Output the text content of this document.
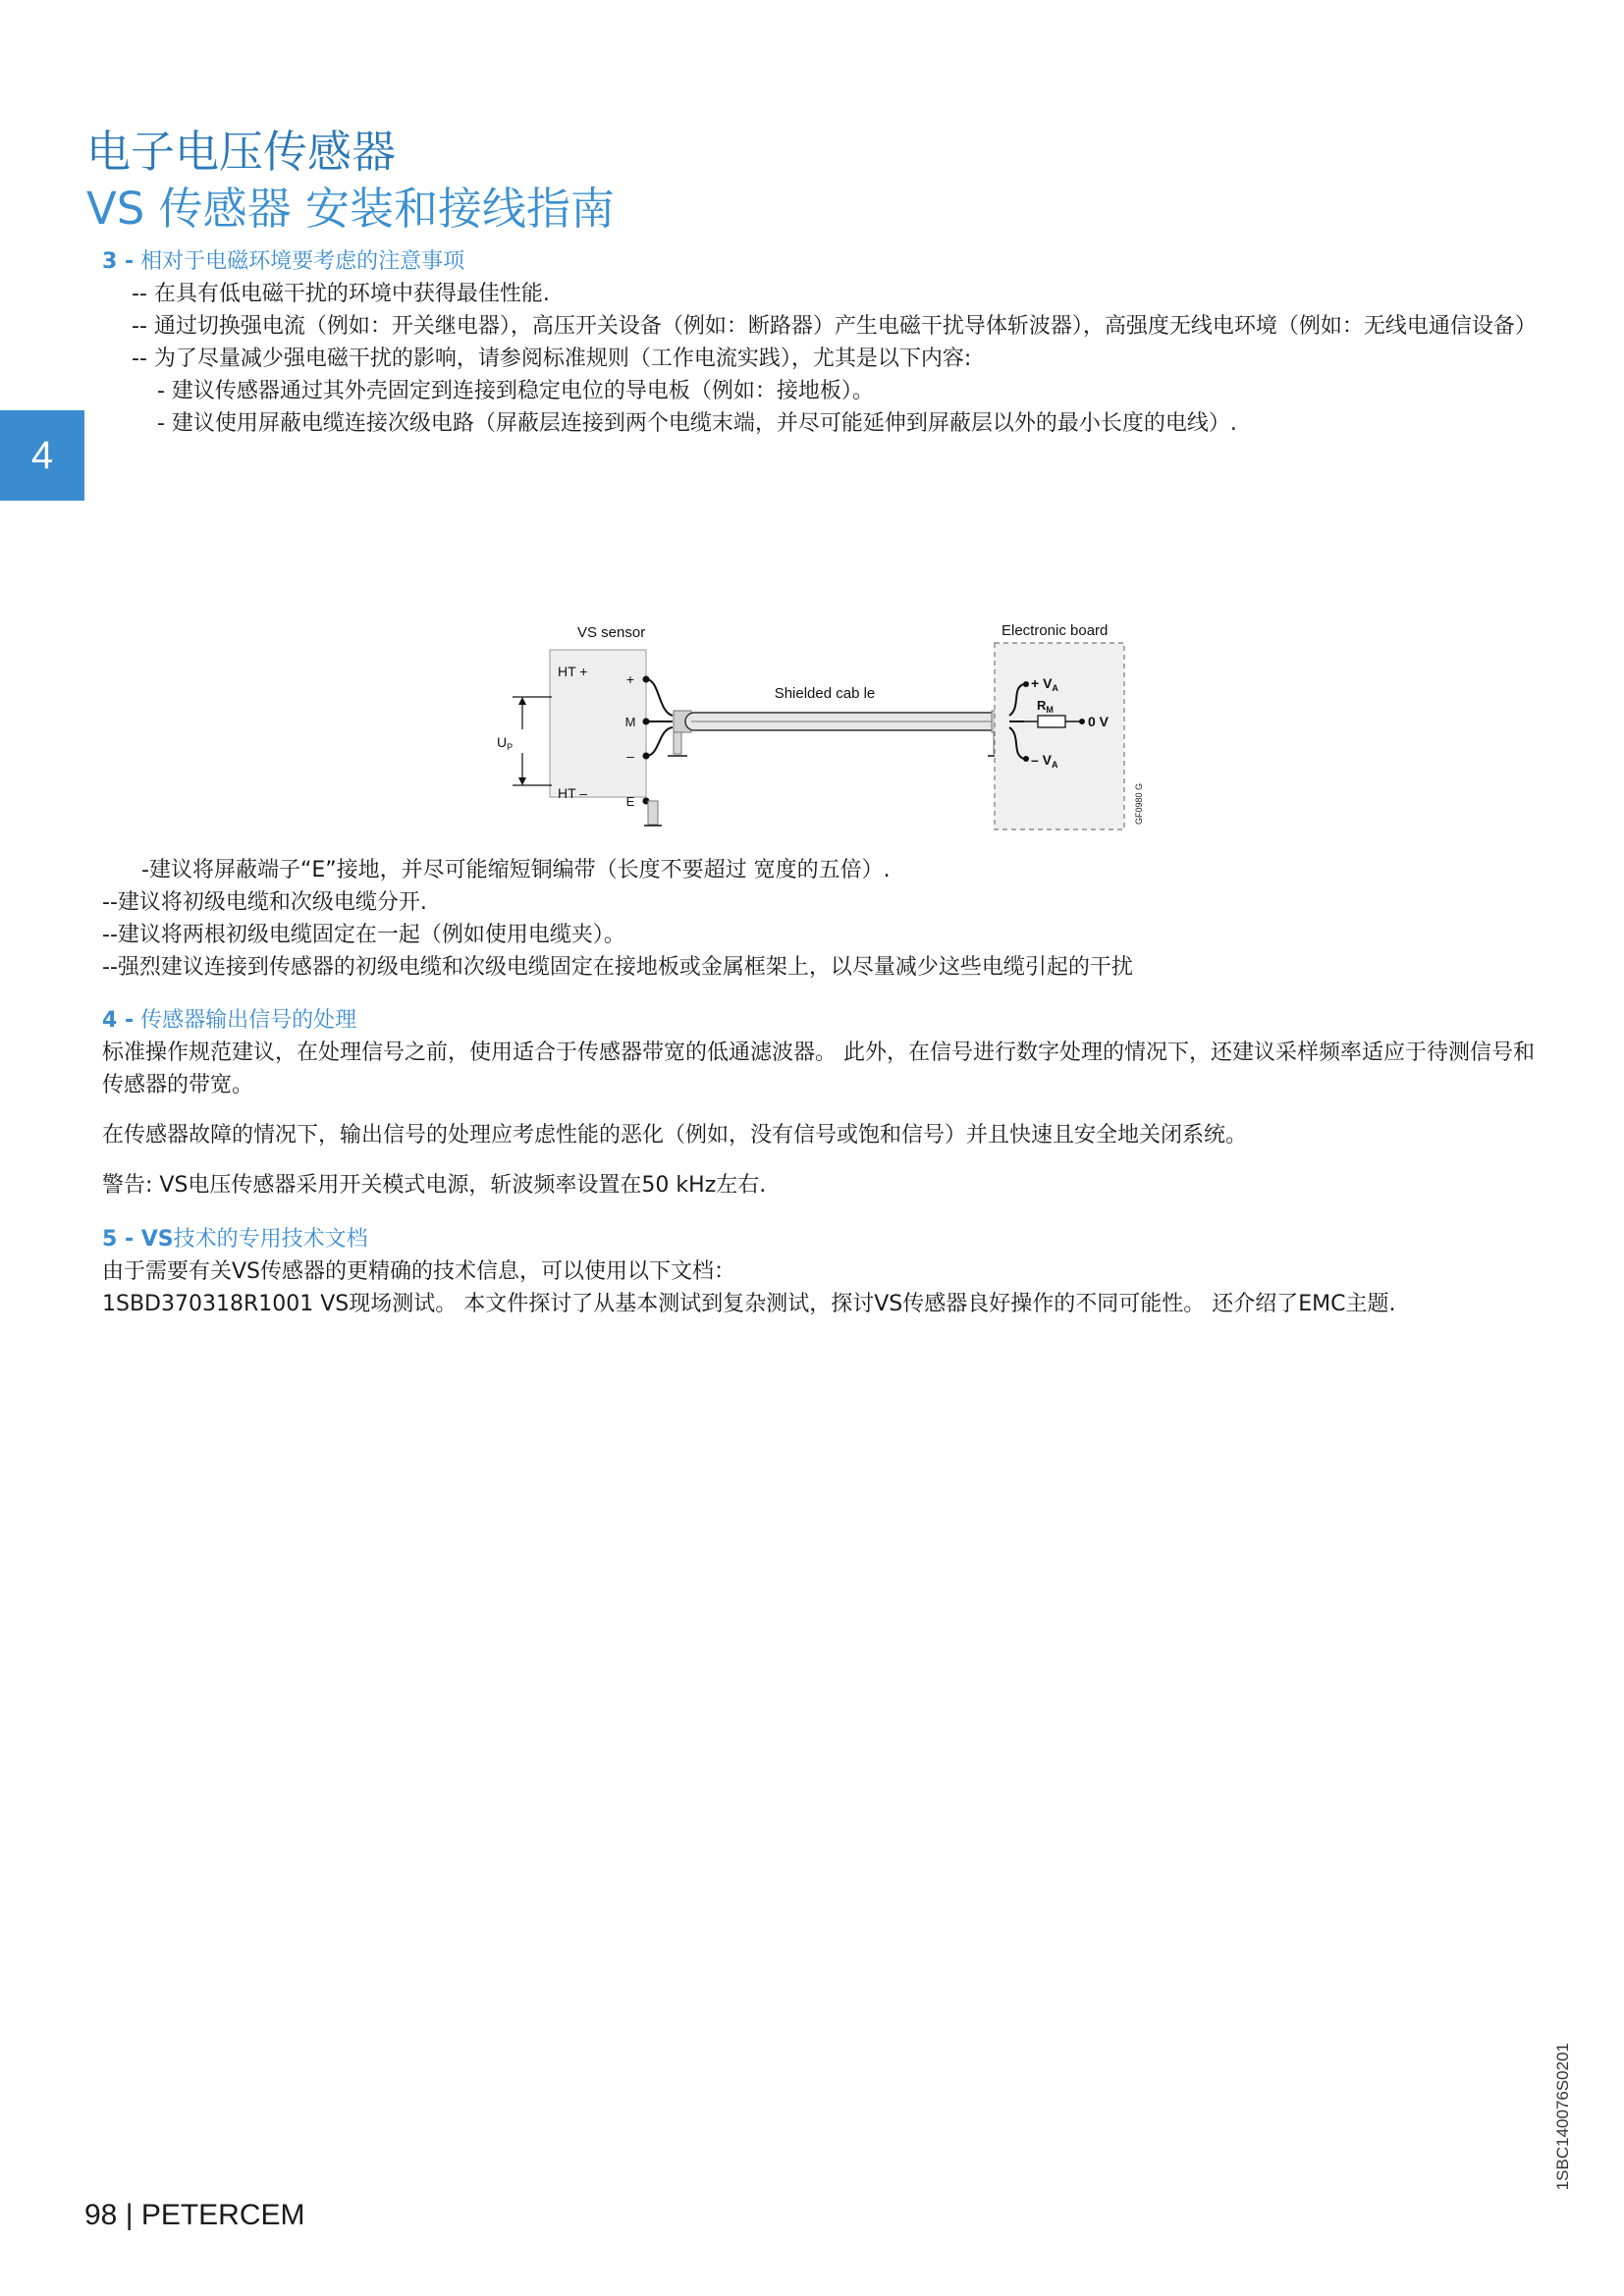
电子电压传感器
VS 传感器 安装和接线指南
4

3 - 相对于电磁环境要考虑的注意事项

-- 在具有低电磁干扰的环境中获得最佳性能.

-- 通过切换强电流（例如：开关继电器），高压开关设备（例如：断路器）产生电磁干扰导体斩波器），高强度无线电环境（例如：无线电通信设备）

-- 为了尽量减少强电磁干扰的影响，请参阅标准规则（工作电流实践），尤其是以下内容:

- 建议传感器通过其外壳固定到连接到稳定电位的导电板（例如：接地板）。

- 建议使用屏蔽电缆连接次级电路（屏蔽层连接到两个电缆末端，并尽可能延伸到屏蔽层以外的最小长度的电线）.

VS sensor	Electronic board
HT +
HT –
$U_P$
+
M
–
E
Shielded cab le
+ $V_A$
– $V_A$
$R_M$
0 V
GF0980 G

-建议将屏蔽端子“E”接地，并尽可能缩短铜编带（长度不要超过 宽度的五倍）.

--建议将初级电缆和次级电缆分开.

--建议将两根初级电缆固定在一起（例如使用电缆夹）。

--强烈建议连接到传感器的初级电缆和次级电缆固定在接地板或金属框架上，以尽量减少这些电缆引起的干扰

4 - 传感器输出信号的处理

标准操作规范建议，在处理信号之前，使用适合于传感器带宽的低通滤波器。 此外，在信号进行数字处理的情况下，还建议采样频率适应于待测信号和传感器的带宽。

在传感器故障的情况下，输出信号的处理应考虑性能的恶化（例如，没有信号或饱和信号）并且快速且安全地关闭系统。

警告: VS电压传感器采用开关模式电源，斩波频率设置在50 kHz左右.

5 - VS技术的专用技术文档

由于需要有关VS传感器的更精确的技术信息，可以使用以下文档：

1SBD370318R1001 VS现场测试。 本文件探讨了从基本测试到复杂测试，探讨VS传感器良好操作的不同可能性。 还介绍了EMC主题.

98 | PETERCEM
1SBC140076S0201
